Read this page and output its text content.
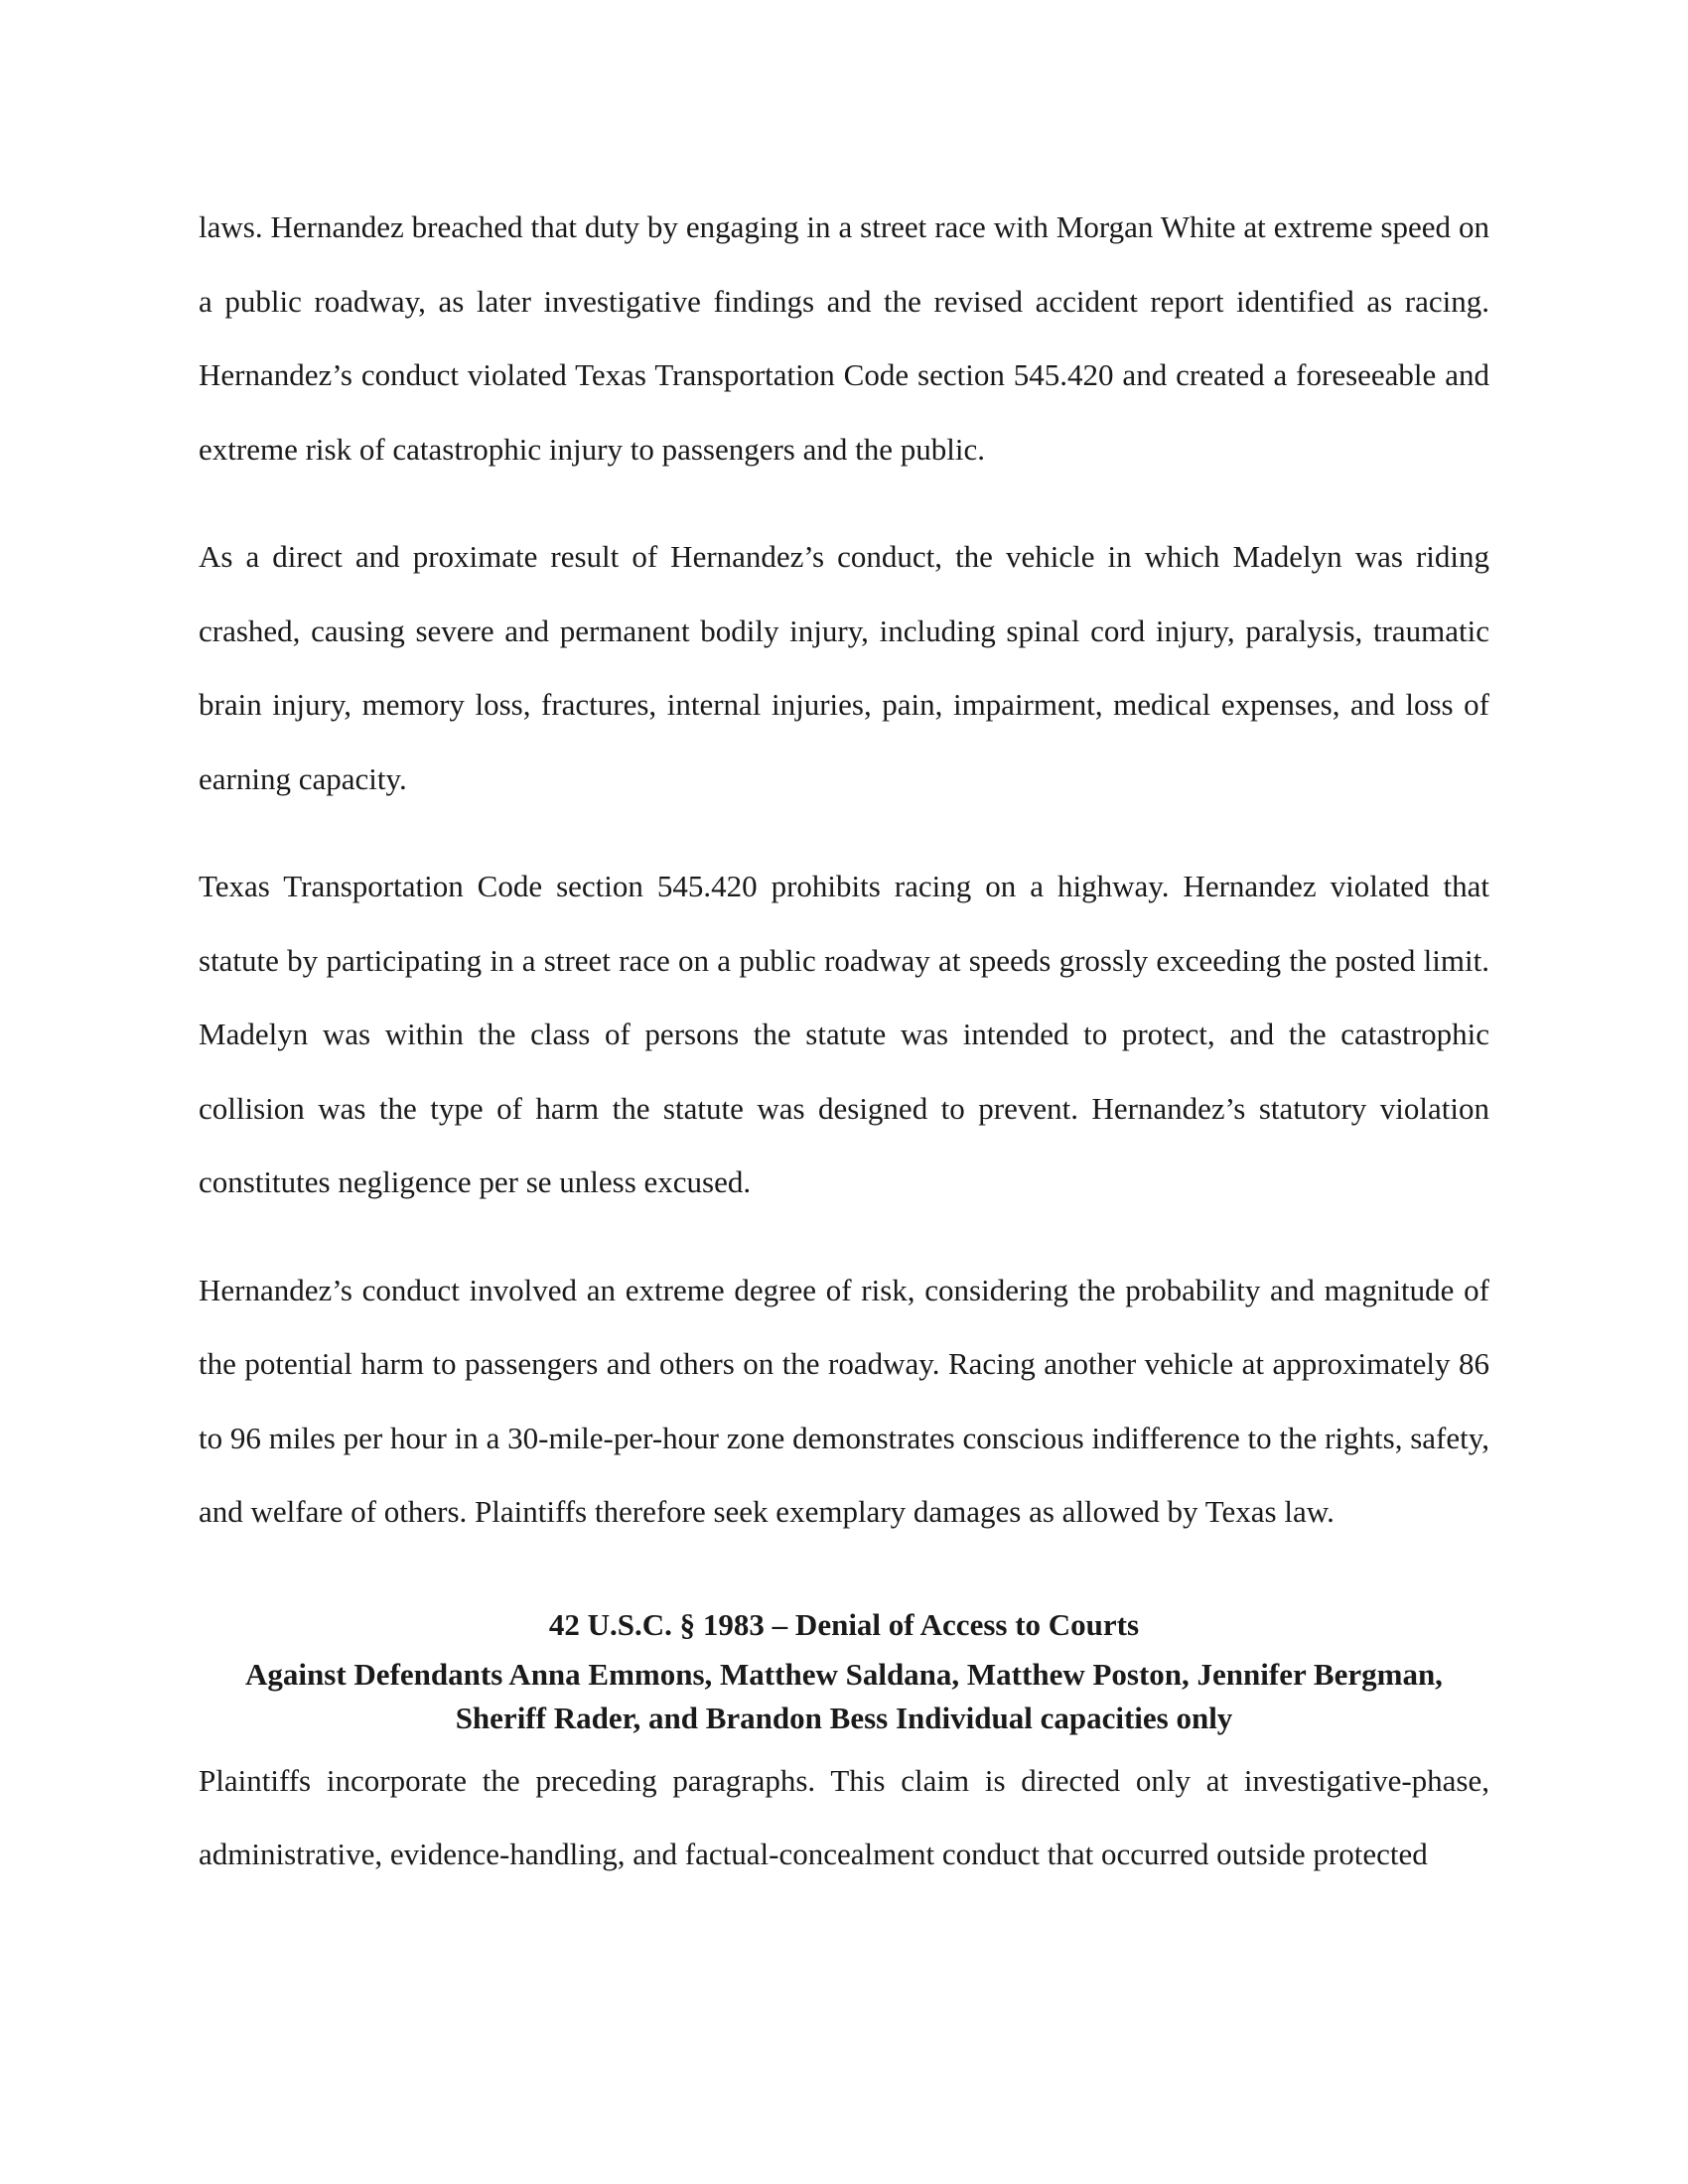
laws. Hernandez breached that duty by engaging in a street race with Morgan White at extreme speed on a public roadway, as later investigative findings and the revised accident report identified as racing. Hernandez’s conduct violated Texas Transportation Code section 545.420 and created a foreseeable and extreme risk of catastrophic injury to passengers and the public.

As a direct and proximate result of Hernandez’s conduct, the vehicle in which Madelyn was riding crashed, causing severe and permanent bodily injury, including spinal cord injury, paralysis, traumatic brain injury, memory loss, fractures, internal injuries, pain, impairment, medical expenses, and loss of earning capacity.

Texas Transportation Code section 545.420 prohibits racing on a highway. Hernandez violated that statute by participating in a street race on a public roadway at speeds grossly exceeding the posted limit. Madelyn was within the class of persons the statute was intended to protect, and the catastrophic collision was the type of harm the statute was designed to prevent. Hernandez’s statutory violation constitutes negligence per se unless excused.

Hernandez’s conduct involved an extreme degree of risk, considering the probability and magnitude of the potential harm to passengers and others on the roadway. Racing another vehicle at approximately 86 to 96 miles per hour in a 30-mile-per-hour zone demonstrates conscious indifference to the rights, safety, and welfare of others. Plaintiffs therefore seek exemplary damages as allowed by Texas law.

42 U.S.C. § 1983 – Denial of Access to Courts

Against Defendants Anna Emmons, Matthew Saldana, Matthew Poston, Jennifer Bergman, Sheriff Rader, and Brandon Bess Individual capacities only

Plaintiffs incorporate the preceding paragraphs. This claim is directed only at investigative-phase, administrative, evidence-handling, and factual-concealment conduct that occurred outside protected
